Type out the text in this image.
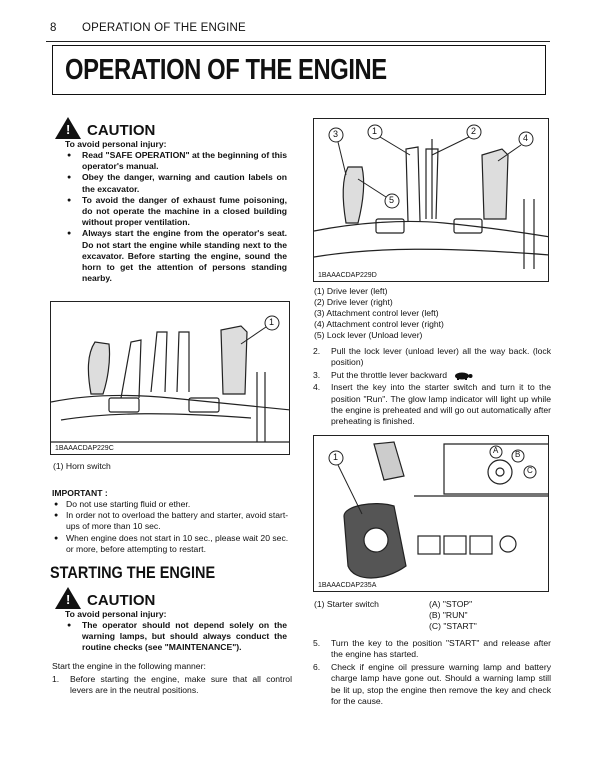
8 OPERATION OF THE ENGINE
OPERATION OF THE ENGINE
! CAUTION
To avoid personal injury:
● Read "SAFE OPERATION" at the beginning of this operator's manual.
● Obey the danger, warning and caution labels on the excavator.
● To avoid the danger of exhaust fume poisoning, do not operate the machine in a closed building without proper ventilation.
● Always start the engine from the operator's seat. Do not start the engine while standing next to the excavator. Before starting the engine, sound the horn to get the attention of persons standing nearby.
1
1BAAACDAP229C
(1) Horn switch
IMPORTANT :
● Do not use starting fluid or ether.
● In order not to overload the battery and starter, avoid start-ups of more than 10 sec.
● When engine does not start in 10 sec., please wait 20 sec. or more, before attempting to restart.
STARTING THE ENGINE
! CAUTION
To avoid personal injury:
● The operator should not depend solely on the warning lamps, but should always conduct the routine checks (see "MAINTENANCE").
Start the engine in the following manner:
1. Before starting the engine, make sure that all control levers are in the neutral positions.
3	1	2
4
5
1BAAACDAP229D
(1) Drive lever (left)
(2) Drive lever (right)
(3) Attachment control lever (left)
(4) Attachment control lever (right)
(5) Lock lever (Unload lever)
2. Pull the lock lever (unload lever) all the way back. (lock position)
3. Put the throttle lever backward
4. Insert the key into the starter switch and turn it to the position "Run". The glow lamp indicator will light up while the engine is preheated and will go out automatically after preheating is finished.
1
A B
C
1BAAACDAP235A
(1) Starter switch	(A) "STOP"
(B) "RUN"
(C) "START"
5. Turn the key to the position "START" and release after the engine has started.
6. Check if engine oil pressure warning lamp and battery charge lamp have gone out. Should a warning lamp still be lit up, stop the engine then remove the key and check for the cause.
